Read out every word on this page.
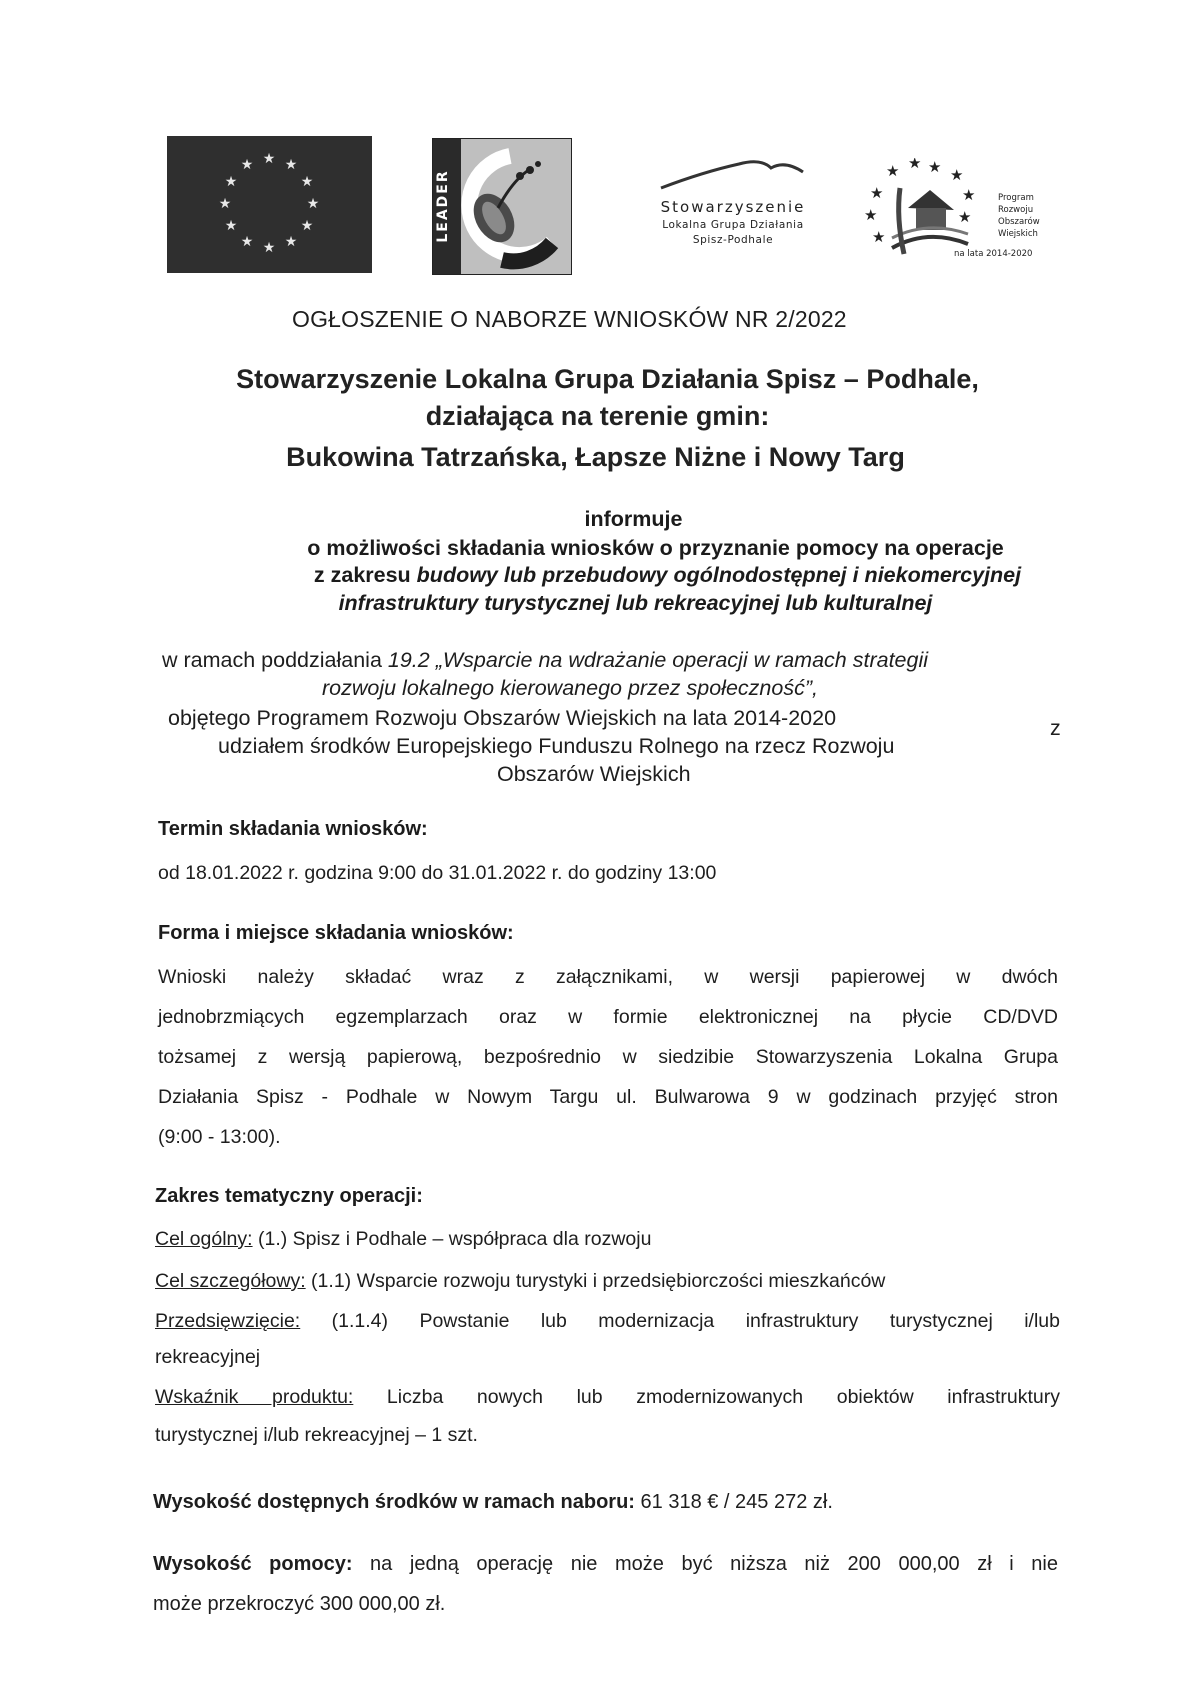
★ ★
★
★
★
★
★
★
★
★
★
★
LEADER	Stowarzyszenie
Lokalna Grupa Działania
Spisz-Podhale
★ ★ ★ ★
★
★
★
★
★
Program
Rozwoju
Obszarów
Wiejskich
na lata 2014-2020
OGŁOSZENIE O NABORZE WNIOSKÓW NR 2/2022
Stowarzyszenie Lokalna Grupa Działania Spisz – Podhale,
działająca na terenie gmin:
Bukowina Tatrzańska, Łapsze Niżne i Nowy Targ
informuje
o możliwości składania wniosków o przyznanie pomocy na operacje
z zakresu budowy lub przebudowy ogólnodostępnej i niekomercyjnej
infrastruktury turystycznej lub rekreacyjnej lub kulturalnej
w ramach poddziałania 19.2 „Wsparcie na wdrażanie operacji w ramach strategii
rozwoju lokalnego kierowanego przez społeczność”,
objętego Programem Rozwoju Obszarów Wiejskich na lata 2014-2020	z
udziałem środków Europejskiego Funduszu Rolnego na rzecz Rozwoju
Obszarów Wiejskich
Termin składania wniosków:
od 18.01.2022 r. godzina 9:00 do 31.01.2022 r. do godziny 13:00
Forma i miejsce składania wniosków:
Wnioski należy składać wraz z załącznikami, w wersji papierowej w dwóch
jednobrzmiących egzemplarzach oraz w formie elektronicznej na płycie CD/DVD
tożsamej z wersją papierową, bezpośrednio w siedzibie Stowarzyszenia Lokalna Grupa
Działania Spisz - Podhale w Nowym Targu ul. Bulwarowa 9 w godzinach przyjęć stron
(9:00 - 13:00).
Zakres tematyczny operacji:
Cel ogólny: (1.) Spisz i Podhale – współpraca dla rozwoju
Cel szczegółowy: (1.1) Wsparcie rozwoju turystyki i przedsiębiorczości mieszkańców
Przedsięwzięcie: (1.1.4) Powstanie lub modernizacja infrastruktury turystycznej i/lub
rekreacyjnej
Wskaźnik produktu: Liczba nowych lub zmodernizowanych obiektów infrastruktury
turystycznej i/lub rekreacyjnej – 1 szt.
Wysokość dostępnych środków w ramach naboru: 61 318 € / 245 272 zł.
Wysokość pomocy: na jedną operację nie może być niższa niż 200 000,00 zł i nie
może przekroczyć 300 000,00 zł.
